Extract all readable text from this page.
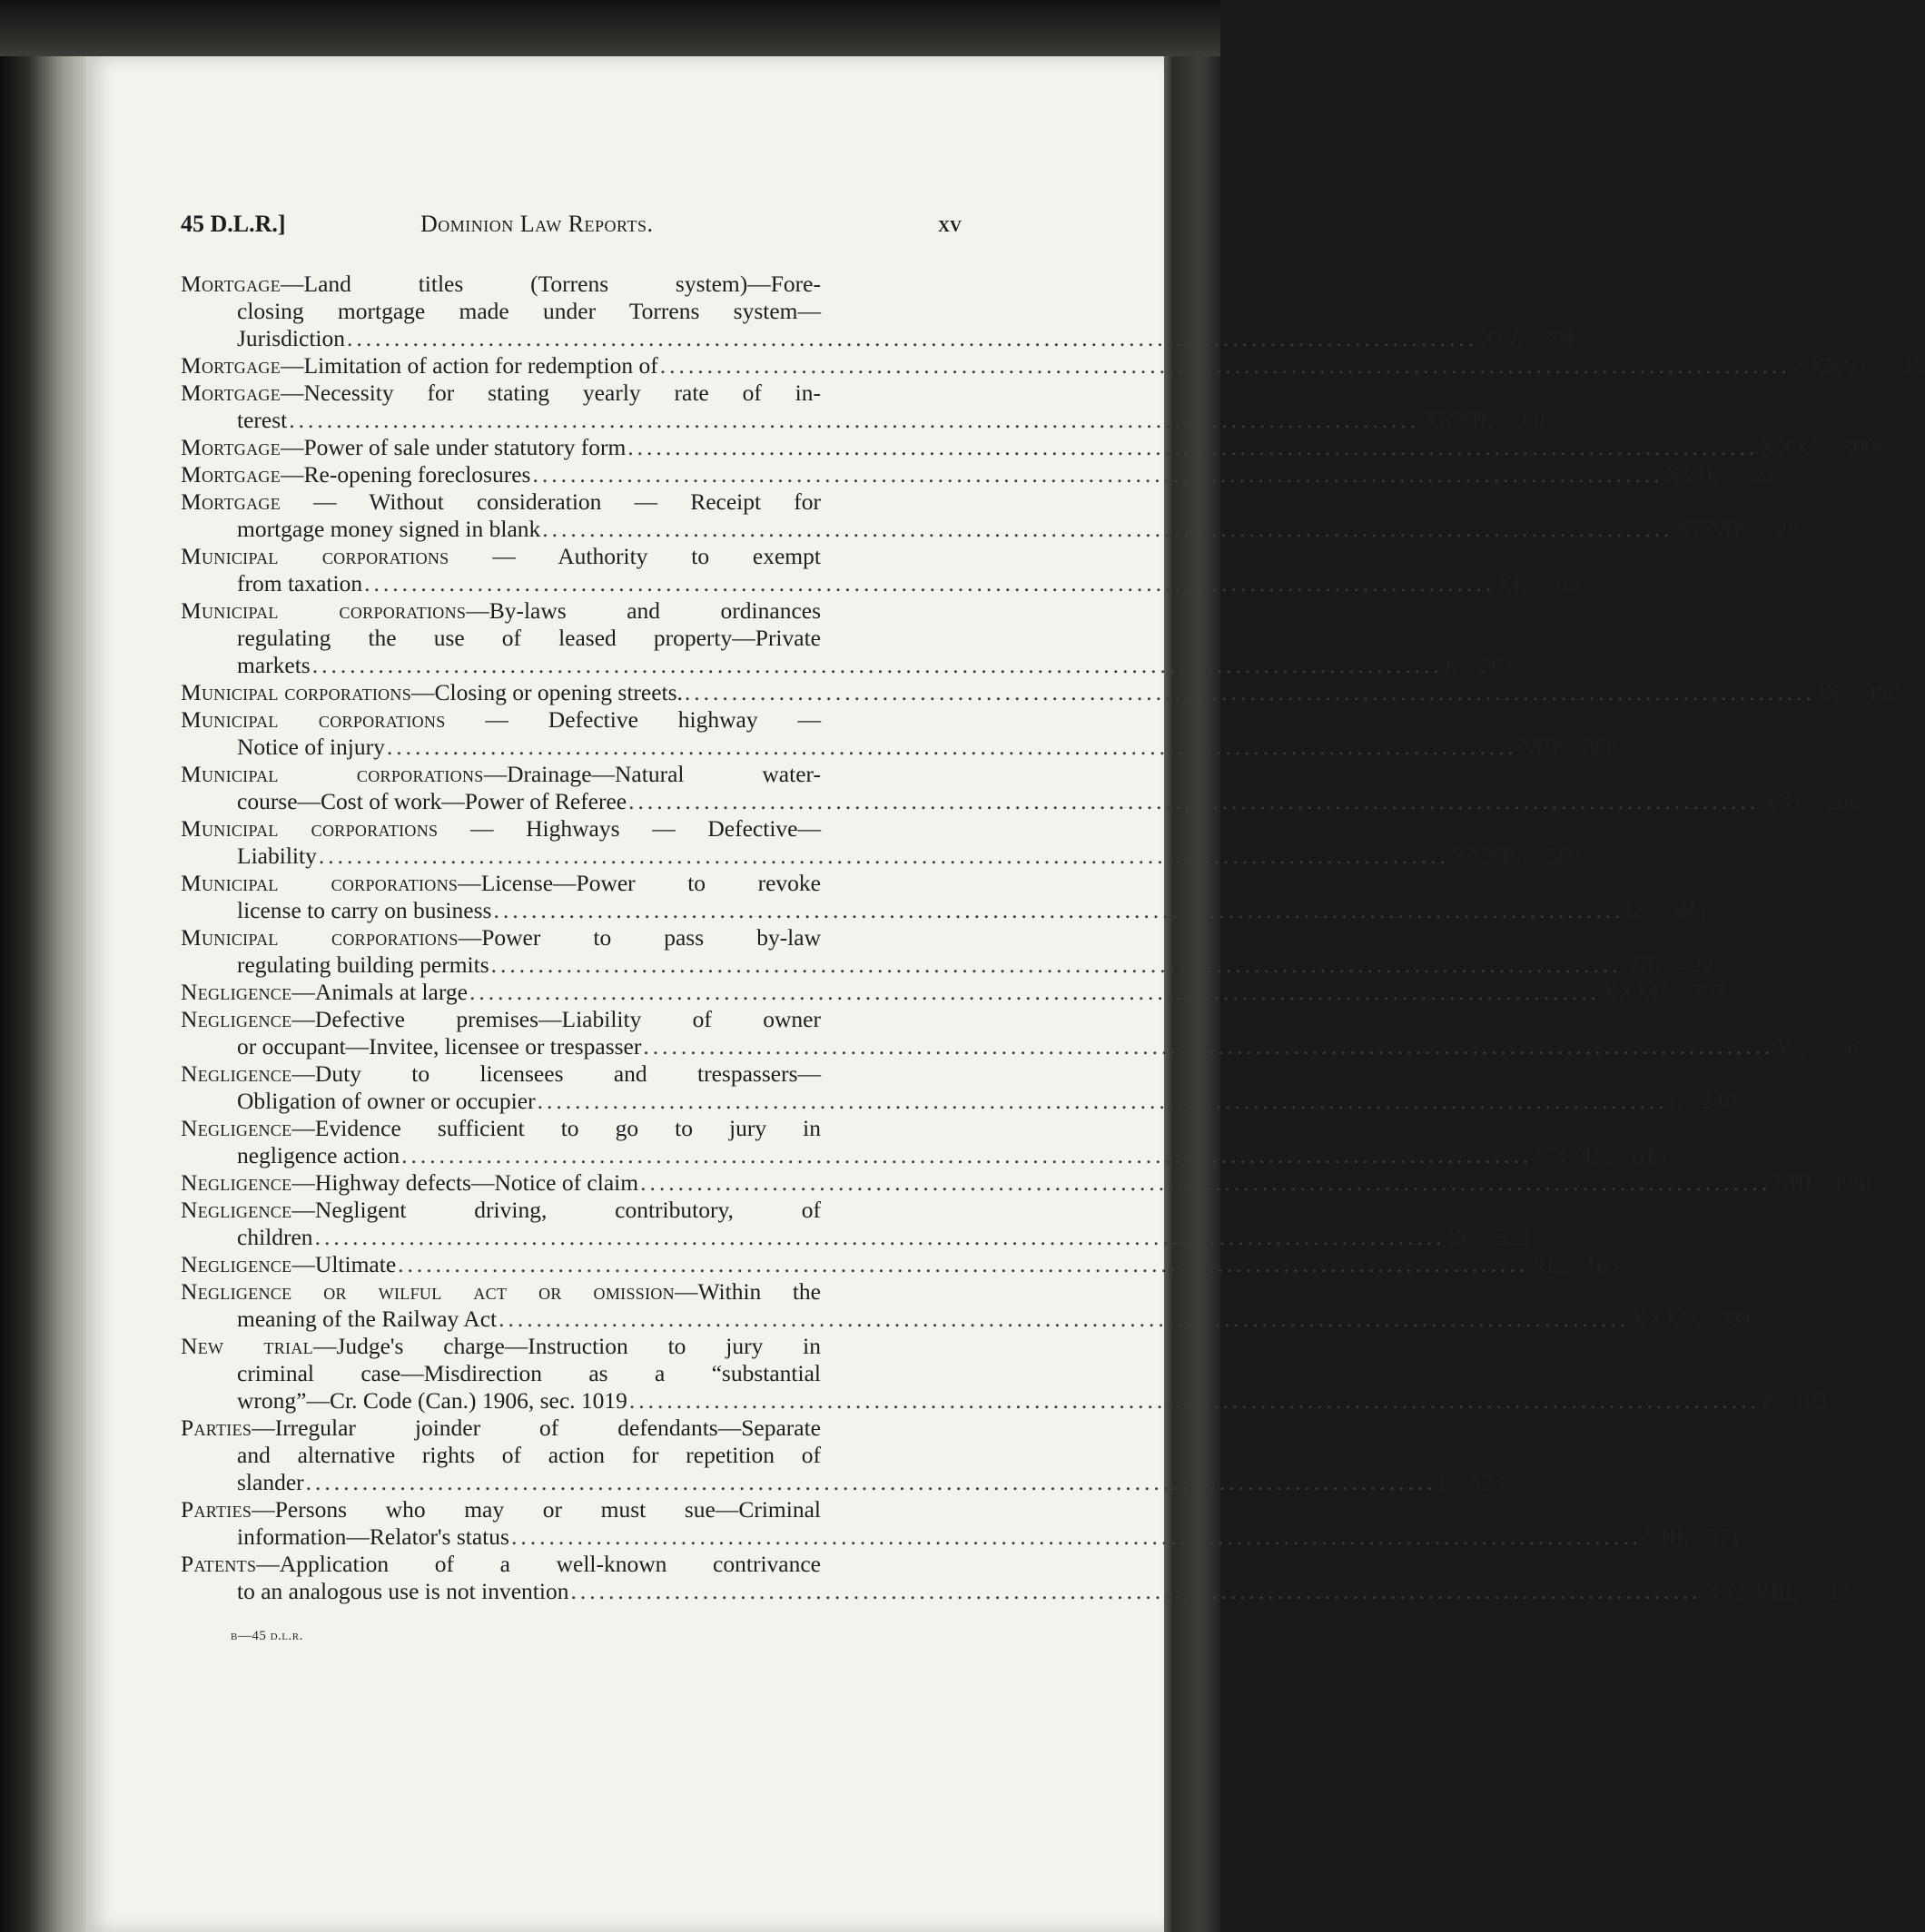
45 D.L.R.]	Dominion Law Reports.	xv
Mortgage—Land titles (Torrens system)—Fore-
closing mortgage made under Torrens system—
Jurisdiction ........................................................................................................................ XIV, 301
Mortgage—Limitation of action for redemption of ........................................................................................................................ XXXVI,	15
Mortgage—Necessity for stating yearly rate of in-
terest ........................................................................................................................ XXXII,	60
Mortgage—Power of sale under statutory form ........................................................................................................................ XXXI, 300
Mortgage—Re-opening foreclosures ........................................................................................................................ XVII,	89
Mortgage — Without consideration — Receipt for
mortgage money signed in blank ........................................................................................................................ XXXII,	26
Municipal corporations — Authority to exempt
from taxation ........................................................................................................................ XI,	66
Municipal corporations—By-laws and ordinances
regulating the use of leased property—Private
markets ........................................................................................................................ I, 219
Municipal corporations—Closing or opening streets. ........................................................................................................................ IX, 490
Municipal corporations — Defective highway —
Notice of injury ........................................................................................................................ XIII, 886
Municipal corporations—Drainage—Natural water-
course—Cost of work—Power of Referee ........................................................................................................................ XXI, 286
Municipal corporations — Highways — Defective—
Liability ........................................................................................................................ XXXIV, 589
Municipal corporations—License—Power to revoke
license to carry on business ........................................................................................................................ IX, 411
Municipal corporations—Power to pass by-law
regulating building permits ........................................................................................................................ VII, 422
Negligence—Animals at large ........................................................................................................................ XXXII, 397
Negligence—Defective premises—Liability of owner
or occupant—Invitee, licensee or trespasser ........................................................................................................................ VI,	76
Negligence—Duty to licensees and trespassers—
Obligation of owner or occupier ........................................................................................................................ I, 240
Negligence—Evidence sufficient to go to jury in
negligence action ........................................................................................................................ XXXIX, 615
Negligence—Highway defects—Notice of claim ........................................................................................................................ XIII, 886
Negligence—Negligent driving, contributory, of
children ........................................................................................................................ IX, 522
Negligence—Ultimate ........................................................................................................................ XL, 103
Negligence or wilful act or omission—Within the
meaning of the Railway Act ........................................................................................................................ XXXV, 481
New trial—Judge's charge—Instruction to jury in
criminal case—Misdirection as a “substantial
wrong”—Cr. Code (Can.) 1906, sec. 1019 ........................................................................................................................ I, 103
Parties—Irregular joinder of defendants—Separate
and alternative rights of action for repetition of
slander ........................................................................................................................ I, 533
Parties—Persons who may or must sue—Criminal
information—Relator's status ........................................................................................................................ VIII, 571
Patents—Application of a well-known contrivance
to an analogous use is not invention ........................................................................................................................ XXXVIII,	14
b—45 d.l.r.
